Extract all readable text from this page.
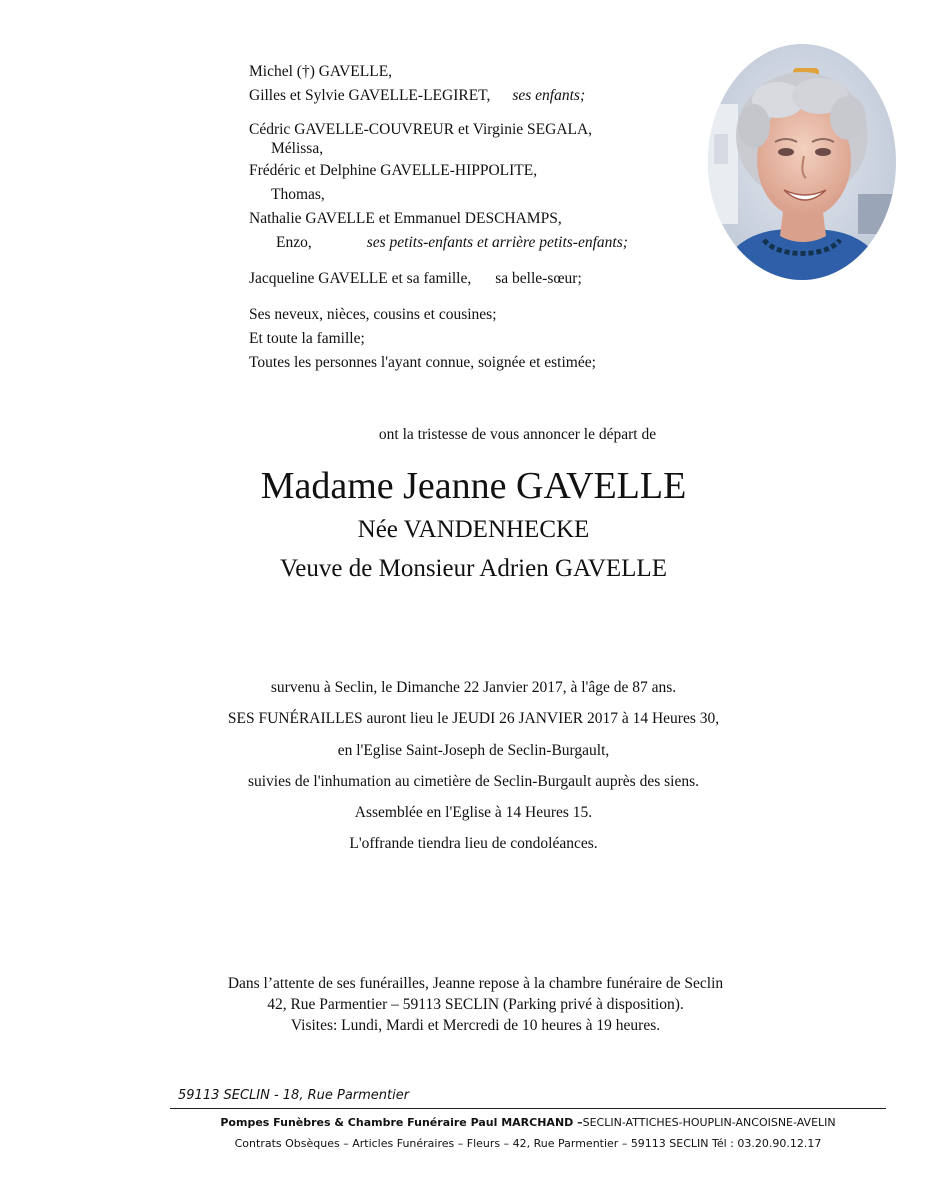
Michel (†) GAVELLE,
Gilles et Sylvie GAVELLE-LEGIRET, ses enfants;
Cédric GAVELLE-COUVREUR et Virginie SEGALA,
Mélissa,
Frédéric et Delphine GAVELLE-HIPPOLITE,
Thomas,
Nathalie GAVELLE et Emmanuel DESCHAMPS,
Enzo,	ses petits-enfants et arrière petits-enfants;
Jacqueline GAVELLE et sa famille, sa belle-sœur;
Ses neveux, nièces, cousins et cousines;
Et toute la famille;
Toutes les personnes l'ayant connue, soignée et estimée;
ont la tristesse de vous annoncer le départ de
Madame Jeanne GAVELLE
Née VANDENHECKE
Veuve de Monsieur Adrien GAVELLE
survenu à Seclin, le Dimanche 22 Janvier 2017, à l'âge de 87 ans.
SES FUNÉRAILLES auront lieu le JEUDI 26 JANVIER 2017 à 14 Heures 30,
en l'Eglise Saint-Joseph de Seclin-Burgault,
suivies de l'inhumation au cimetière de Seclin-Burgault auprès des siens.
Assemblée en l'Eglise à 14 Heures 15.
L'offrande tiendra lieu de condoléances.
Dans l’attente de ses funérailles, Jeanne repose à la chambre funéraire de Seclin
42, Rue Parmentier – 59113 SECLIN (Parking privé à disposition).
Visites: Lundi, Mardi et Mercredi de 10 heures à 19 heures.
59113 SECLIN - 18, Rue Parmentier
Pompes Funèbres & Chambre Funéraire Paul MARCHAND –SECLIN-ATTICHES-HOUPLIN-ANCOISNE-AVELIN
Contrats Obsèques – Articles Funéraires – Fleurs – 42, Rue Parmentier – 59113 SECLIN Tél : 03.20.90.12.17
